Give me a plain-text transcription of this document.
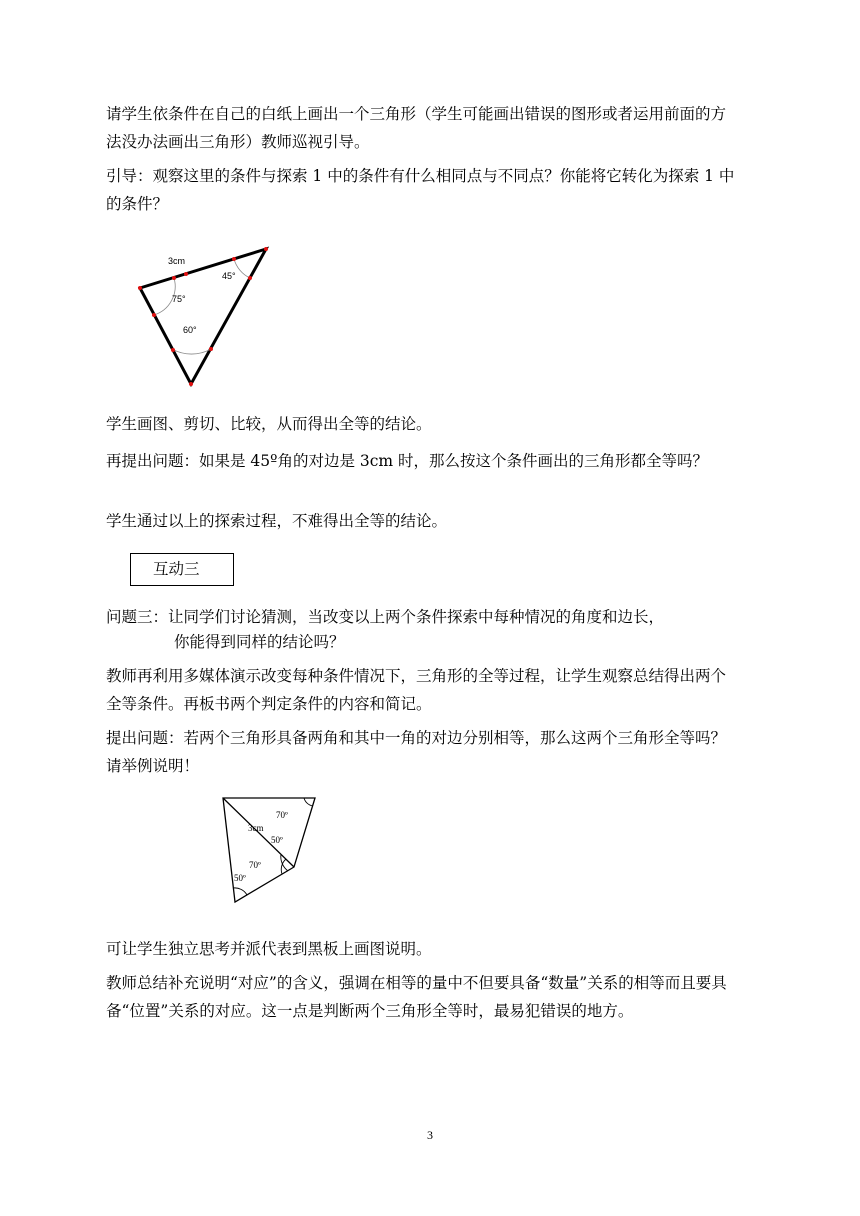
请学生依条件在自己的白纸上画出一个三角形（学生可能画出错误的图形或者运用前面的方法没办法画出三角形）教师巡视引导。

引导：观察这里的条件与探索 1 中的条件有什么相同点与不同点？你能将它转化为探索 1 中的条件？

3cm
45°
75°
60°

学生画图、剪切、比较，从而得出全等的结论。

再提出问题：如果是 45º角的对边是 3cm 时，那么按这个条件画出的三角形都全等吗？

学生通过以上的探索过程，不难得出全等的结论。

互动三

问题三：让同学们讨论猜测，当改变以上两个条件探索中每种情况的角度和边长，

你能得到同样的结论吗？

教师再利用多媒体演示改变每种条件情况下，三角形的全等过程，让学生观察总结得出两个全等条件。再板书两个判定条件的内容和简记。

提出问题：若两个三角形具备两角和其中一角的对边分别相等，那么这两个三角形全等吗？请举例说明！

70º
3cm
50º
70º
50º

可让学生独立思考并派代表到黑板上画图说明。

教师总结补充说明“对应”的含义，强调在相等的量中不但要具备“数量”关系的相等而且要具备“位置”关系的对应。这一点是判断两个三角形全等时，最易犯错误的地方。

3
